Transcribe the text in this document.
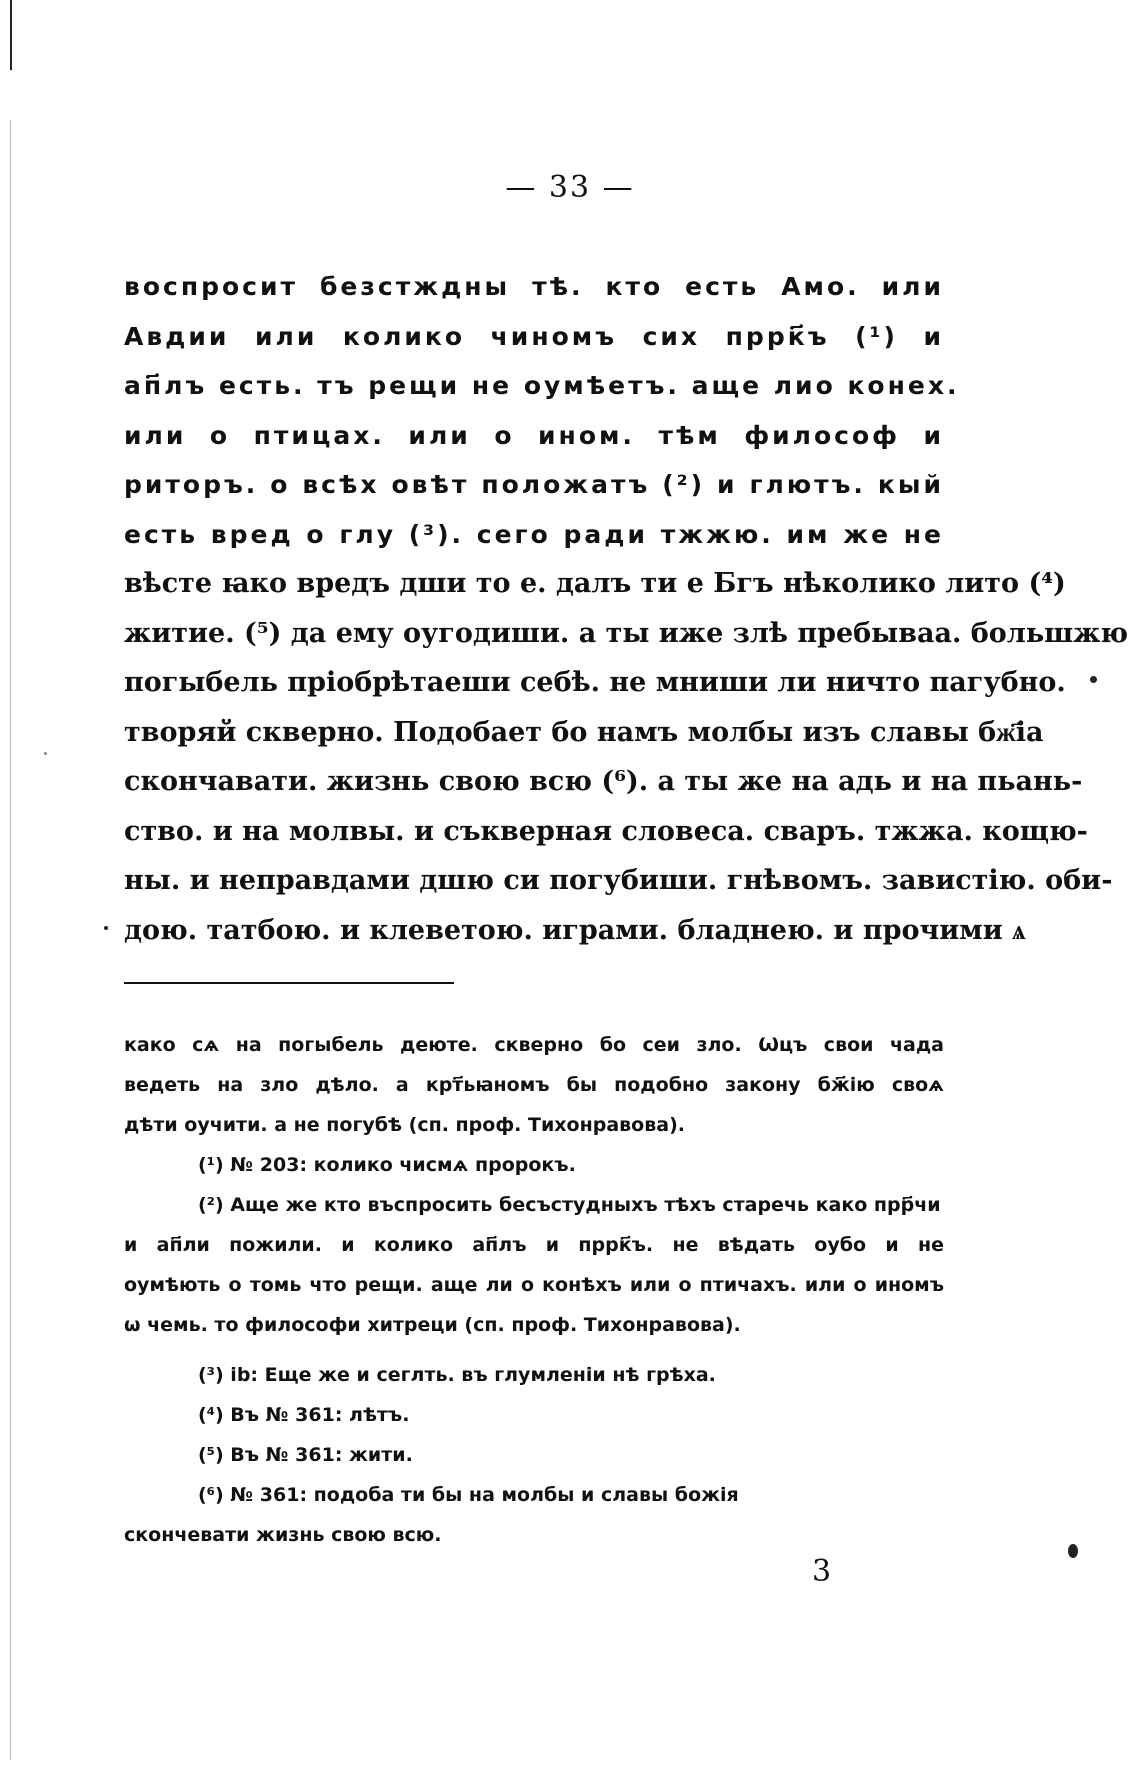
— 33 —
воспросит безстждны тѣ. кто есть Амо. или
Авдии или колико чиномъ сих пррк҃ъ (¹) и
ап҃лъ есть. тъ рещи не оумѣетъ. аще лио конех.
или о птицах. или о ином. тѣм философ и
риторъ. о всѣх овѣт положатъ (²) и глютъ. кый
есть вред о глу (³). сего ради тжжю. им же не
вѣсте ꙗко вредъ дши то е. далъ ти е Бгъ нѣколико лито (⁴)
житие. (⁵) да ему оугодиши. а ты иже злѣ пребываа. большжю
погыбель пріобрѣтаеши себѣ. не мниши ли ничто пагубно.
творяй скверно. Подобает бо намъ молбы изъ славы бж҃іа
скончавати. жизнь свою всю (⁶). а ты же на адь и на пьань-
ство. и на молвы. и съкверная словеса. сваръ. тжжа. кощю-
ны. и неправдами дшю си погубиши. гнѣвомъ. завистію. оби-
дою. татбою. и клеветою. играми. бладнею. и прочими ѧ
како сѧ на погыбель деюте. скверно бо сеи зло. Ѡцъ свои чада
ведеть на зло дѣло. а крт҃ьꙗномъ бы подобно закону бж҃ію своѧ
дѣти оучити. а не погубѣ (сп. проф. Тихонравова).
(¹) № 203: колико чисмѧ пророкъ.
(²) Аще же кто въспросить бесъстудныхъ тѣхъ старечь како прр҃чи
и ап҃ли пожили. и колико ап҃лъ и пррк҃ъ. не вѣдать оубо и не
оумѣють о томь что рещи. аще ли о конѣхъ или о птичахъ. или о иномъ
ѡ чемь. то философи хитреци (сп. проф. Тихонравова).
(³) ib: Еще же и сеглть. въ глумленіи нѣ грѣха.
(⁴) Въ № 361: лѣтъ.
(⁵) Въ № 361: жити.
(⁶) № 361: подоба ти бы на молбы и славы божія
скончевати жизнь свою всю.
3
